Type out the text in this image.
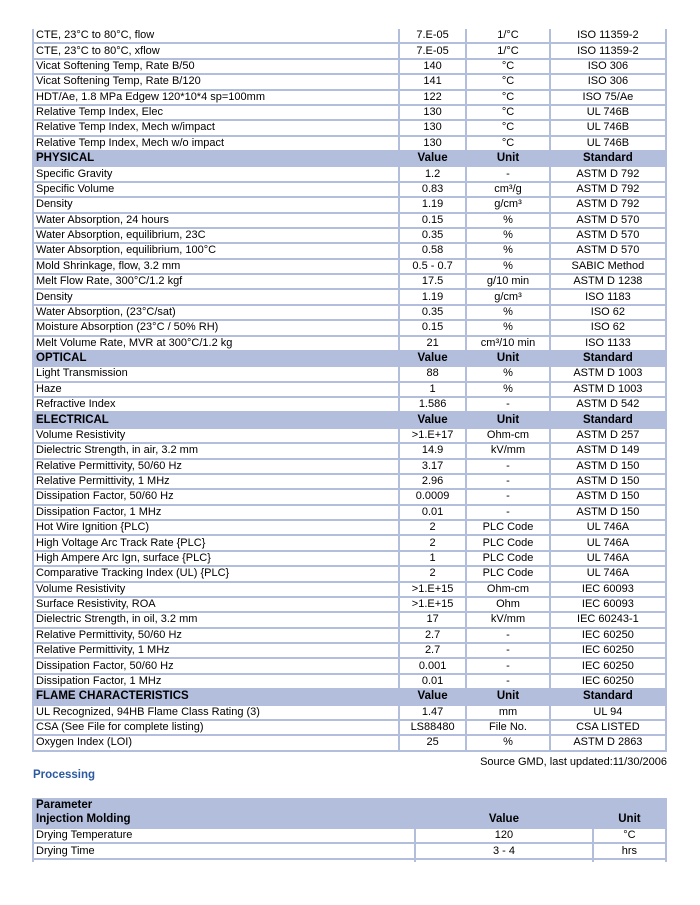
CTE, 23°C to 80°C, flow	7.E-05	1/°C	ISO 11359-2
CTE, 23°C to 80°C, xflow	7.E-05	1/°C	ISO 11359-2
Vicat Softening Temp, Rate B/50	140	°C	ISO 306
Vicat Softening Temp, Rate B/120	141	°C	ISO 306
HDT/Ae, 1.8 MPa Edgew 120*10*4 sp=100mm	122	°C	ISO 75/Ae
Relative Temp Index, Elec	130	°C	UL 746B
Relative Temp Index, Mech w/impact	130	°C	UL 746B
Relative Temp Index, Mech w/o impact	130	°C	UL 746B
PHYSICAL	Value	Unit	Standard
Specific Gravity	1.2	-	ASTM D 792
Specific Volume	0.83	cm³/g	ASTM D 792
Density	1.19	g/cm³	ASTM D 792
Water Absorption, 24 hours	0.15	%	ASTM D 570
Water Absorption, equilibrium, 23C	0.35	%	ASTM D 570
Water Absorption, equilibrium, 100°C	0.58	%	ASTM D 570
Mold Shrinkage, flow, 3.2 mm	0.5 - 0.7	%	SABIC Method
Melt Flow Rate, 300°C/1.2 kgf	17.5	g/10 min	ASTM D 1238
Density	1.19	g/cm³	ISO 1183
Water Absorption, (23°C/sat)	0.35	%	ISO 62
Moisture Absorption (23°C / 50% RH)	0.15	%	ISO 62
Melt Volume Rate, MVR at 300°C/1.2 kg	21	cm³/10 min	ISO 1133
OPTICAL	Value	Unit	Standard
Light Transmission	88	%	ASTM D 1003
Haze	1	%	ASTM D 1003
Refractive Index	1.586	-	ASTM D 542
ELECTRICAL	Value	Unit	Standard
Volume Resistivity	>1.E+17	Ohm-cm	ASTM D 257
Dielectric Strength, in air, 3.2 mm	14.9	kV/mm	ASTM D 149
Relative Permittivity, 50/60 Hz	3.17	-	ASTM D 150
Relative Permittivity, 1 MHz	2.96	-	ASTM D 150
Dissipation Factor, 50/60 Hz	0.0009	-	ASTM D 150
Dissipation Factor, 1 MHz	0.01	-	ASTM D 150
Hot Wire Ignition {PLC)	2	PLC Code	UL 746A
High Voltage Arc Track Rate {PLC}	2	PLC Code	UL 746A
High Ampere Arc Ign, surface {PLC}	1	PLC Code	UL 746A
Comparative Tracking Index (UL) {PLC}	2	PLC Code	UL 746A
Volume Resistivity	>1.E+15	Ohm-cm	IEC 60093
Surface Resistivity, ROA	>1.E+15	Ohm	IEC 60093
Dielectric Strength, in oil, 3.2 mm	17	kV/mm	IEC 60243-1
Relative Permittivity, 50/60 Hz	2.7	-	IEC 60250
Relative Permittivity, 1 MHz	2.7	-	IEC 60250
Dissipation Factor, 50/60 Hz	0.001	-	IEC 60250
Dissipation Factor, 1 MHz	0.01	-	IEC 60250
FLAME CHARACTERISTICS	Value	Unit	Standard
UL Recognized, 94HB Flame Class Rating (3)	1.47	mm	UL 94
CSA (See File for complete listing)	LS88480	File No.	CSA LISTED
Oxygen Index (LOI)	25	%	ASTM D 2863
Source GMD, last updated:11/30/2006
Processing
Parameter		
Injection Molding	Value	Unit
Drying Temperature	120	°C
Drying Time	3 - 4	hrs
